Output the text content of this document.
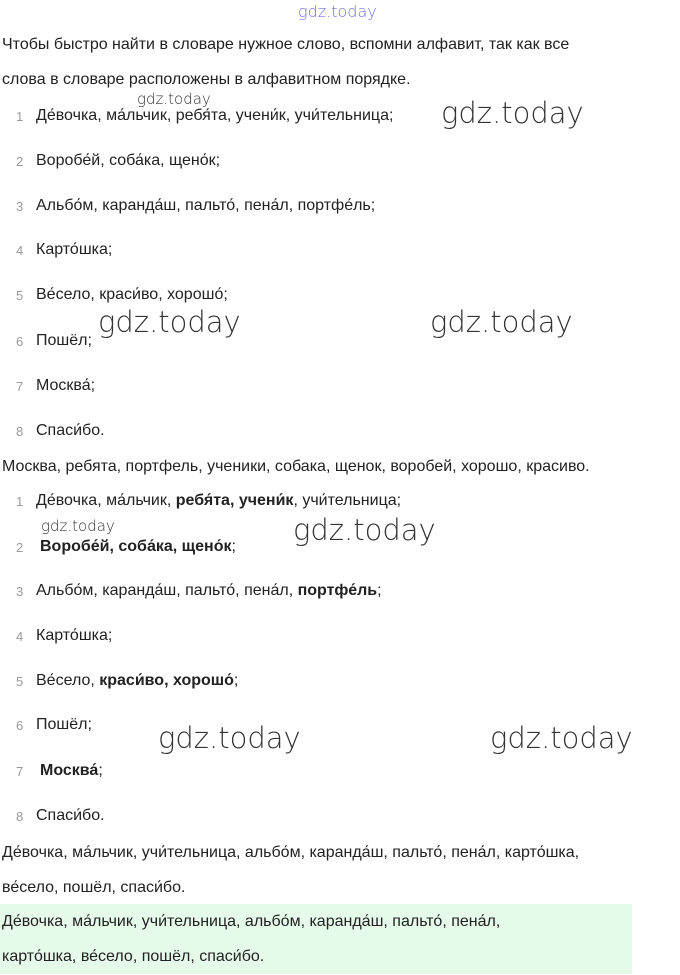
gdz.today
gdz.today	gdz.today
gdz.today	gdz.today
gdz.today	gdz.today
gdz.today	gdz.today
Чтобы быстро найти в словаре нужное слово, вспомни алфавит, так как все
слова в словаре расположены в алфавитном порядке.
1 Де́вочка, ма́льчик, ребя́та, учени́к, учи́тельница;
2 Воробе́й, соба́ка, щено́к;
3 Альбо́м, каранда́ш, пальто́, пена́л, портфе́ль;
4 Карто́шка;
5 Ве́село, краси́во, хорошо́;
6 Пошёл;
7 Москва́;
8 Спаси́бо.
Москва, ребята, портфель, ученики, собака, щенок, воробей, хорошо, красиво.
1 Де́вочка, ма́льчик, ребя́та, учени́к, учи́тельница;
2 Воробе́й, соба́ка, щено́к;
3 Альбо́м, каранда́ш, пальто́, пена́л, портфе́ль;
4 Карто́шка;
5 Ве́село, краси́во, хорошо́;
6 Пошёл;
7 Москва́;
8 Спаси́бо.
Де́вочка, ма́льчик, учи́тельница, альбо́м, каранда́ш, пальто́, пена́л, карто́шка,
ве́село, пошёл, спаси́бо.
Де́вочка, ма́льчик, учи́тельница, альбо́м, каранда́ш, пальто́, пена́л,
карто́шка, ве́село, пошёл, спаси́бо.
